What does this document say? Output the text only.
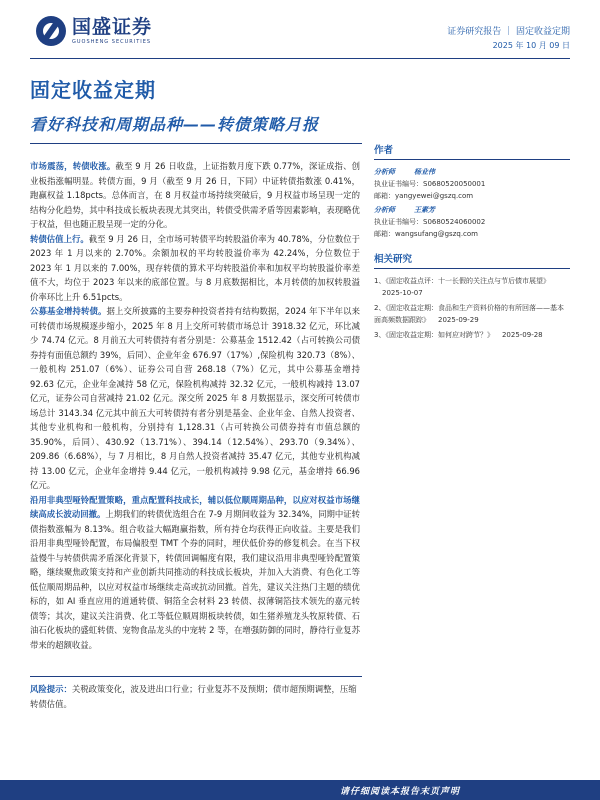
国盛证券
GUOSHENG SECURITIES
证券研究报告 ｜ 固定收益定期
2025 年 10 月 09 日
固定收益定期
看好科技和周期品种——转债策略月报

市场震荡，转债收涨。截至 9 月 26 日收盘，上证指数月度下跌 0.77%，深证成指、创业板指涨幅明显。转债方面，9 月（截至 9 月 26 日，下同）中证转债指数涨 0.41%，跑赢权益 1.18pcts。总体而言，在 8 月权益市场持续突破后，9 月权益市场呈现一定的结构分化趋势，其中科技成长板块表现尤其突出，转债受供需矛盾等因素影响，表现略优于权益，但也随正股呈现一定的分化。

转债估值上行。截至 9 月 26 日，全市场可转债平均转股溢价率为 40.78%，分位数位于 2023 年 1 月以来的 2.70%。余额加权的平均转股溢价率为 42.24%，分位数位于 2023 年 1 月以来的 7.00%，现存转债的算术平均转股溢价率和加权平均转股溢价率差值不大，均位于 2023 年以来的底部位置。与 8 月底数据相比，本月转债的加权转股溢价率环比上升 6.51pcts。

公募基金增持转债。据上交所披露的主要券种投资者持有结构数据，2024 年下半年以来可转债市场规模逐步缩小，2025 年 8 月上交所可转债市场总计 3918.32 亿元，环比减少 74.74 亿元。8 月前五大可转债持有者分别是：公募基金 1512.42（占可转换公司债券持有面值总额约 39%，后同）、企业年金 676.97（17%）,保险机构 320.73（8%）、一般机构 251.07（6%）、证券公司自营 268.18（7%）亿元，其中公募基金增持 92.63 亿元，企业年金减持 58 亿元，保险机构减持 32.32 亿元，一般机构减持 13.07 亿元，证券公司自营减持 21.02 亿元。深交所 2025 年 8 月数据显示，深交所可转债市场总计 3143.34 亿元其中前五大可转债持有者分别是基金、企业年金、自然人投资者、其他专业机构和一般机构，分别持有 1,128.31（占可转换公司债券持有市值总额的 35.90%，后同）、430.92（13.71%）、394.14（12.54%）、293.70（9.34%）、209.86（6.68%），与 7 月相比，8 月自然人投资者减持 35.47 亿元，其他专业机构减持 13.00 亿元，企业年金增持 9.44 亿元，一般机构减持 9.98 亿元，基金增持 66.96 亿元。

沿用非典型哑铃配置策略，重点配置科技成长，辅以低位顺周期品种，以应对权益市场继续高成长波动回撤。上期我们的转债优选组合在 7-9 月期间收益为 32.34%，同期中证转债指数涨幅为 8.13%。组合收益大幅跑赢指数，所有持仓均获得正向收益。主要是我们沿用非典型哑铃配置，布局偏股型 TMT 个券的同时，埋伏低价券的修复机会。在当下权益慢牛与转债供需矛盾深化背景下，转债回调幅度有限，我们建议沿用非典型哑铃配置策略，继续聚焦政策支持和产业创新共同推动的科技成长板块，并加入大消费、有色化工等低位顺周期品种，以应对权益市场继续走高或抗动回撤。首先，建议关注热门主题的绩优标的，如 AI 垂直应用的道通转债、铜箔全会材料 23 转债、叔薄铜箔技术领先的嘉元转债等；其次，建议关注消费、化工等低位顺周期板块转债，如生猪养殖龙头牧原转债、石油石化板块的盛虹转债、宠物食品龙头的中宠转 2 等，在增强防御的同时，静待行业复苏带来的超额收益。

风险提示：关税政策变化，波及进出口行业；行业复苏不及预期；债市超预期调整，压缩转债估值。
作者
分析师	杨业伟
执业证书编号：S0680520050001
邮箱：yangyewei@gszq.com
分析师	王素芳
执业证书编号：S0680524060002
邮箱：wangsufang@gszq.com
相关研究
1、《固定收益点评：十一长假的关注点与节后债市展望》2025-10-07
2、《固定收益定期：食品和生产资料价格的有所回落——基本面高频数据跟踪》 2025-09-29
3、《固定收益定期：如何应对跨节？》 2025-09-28
请仔细阅读本报告末页声明
